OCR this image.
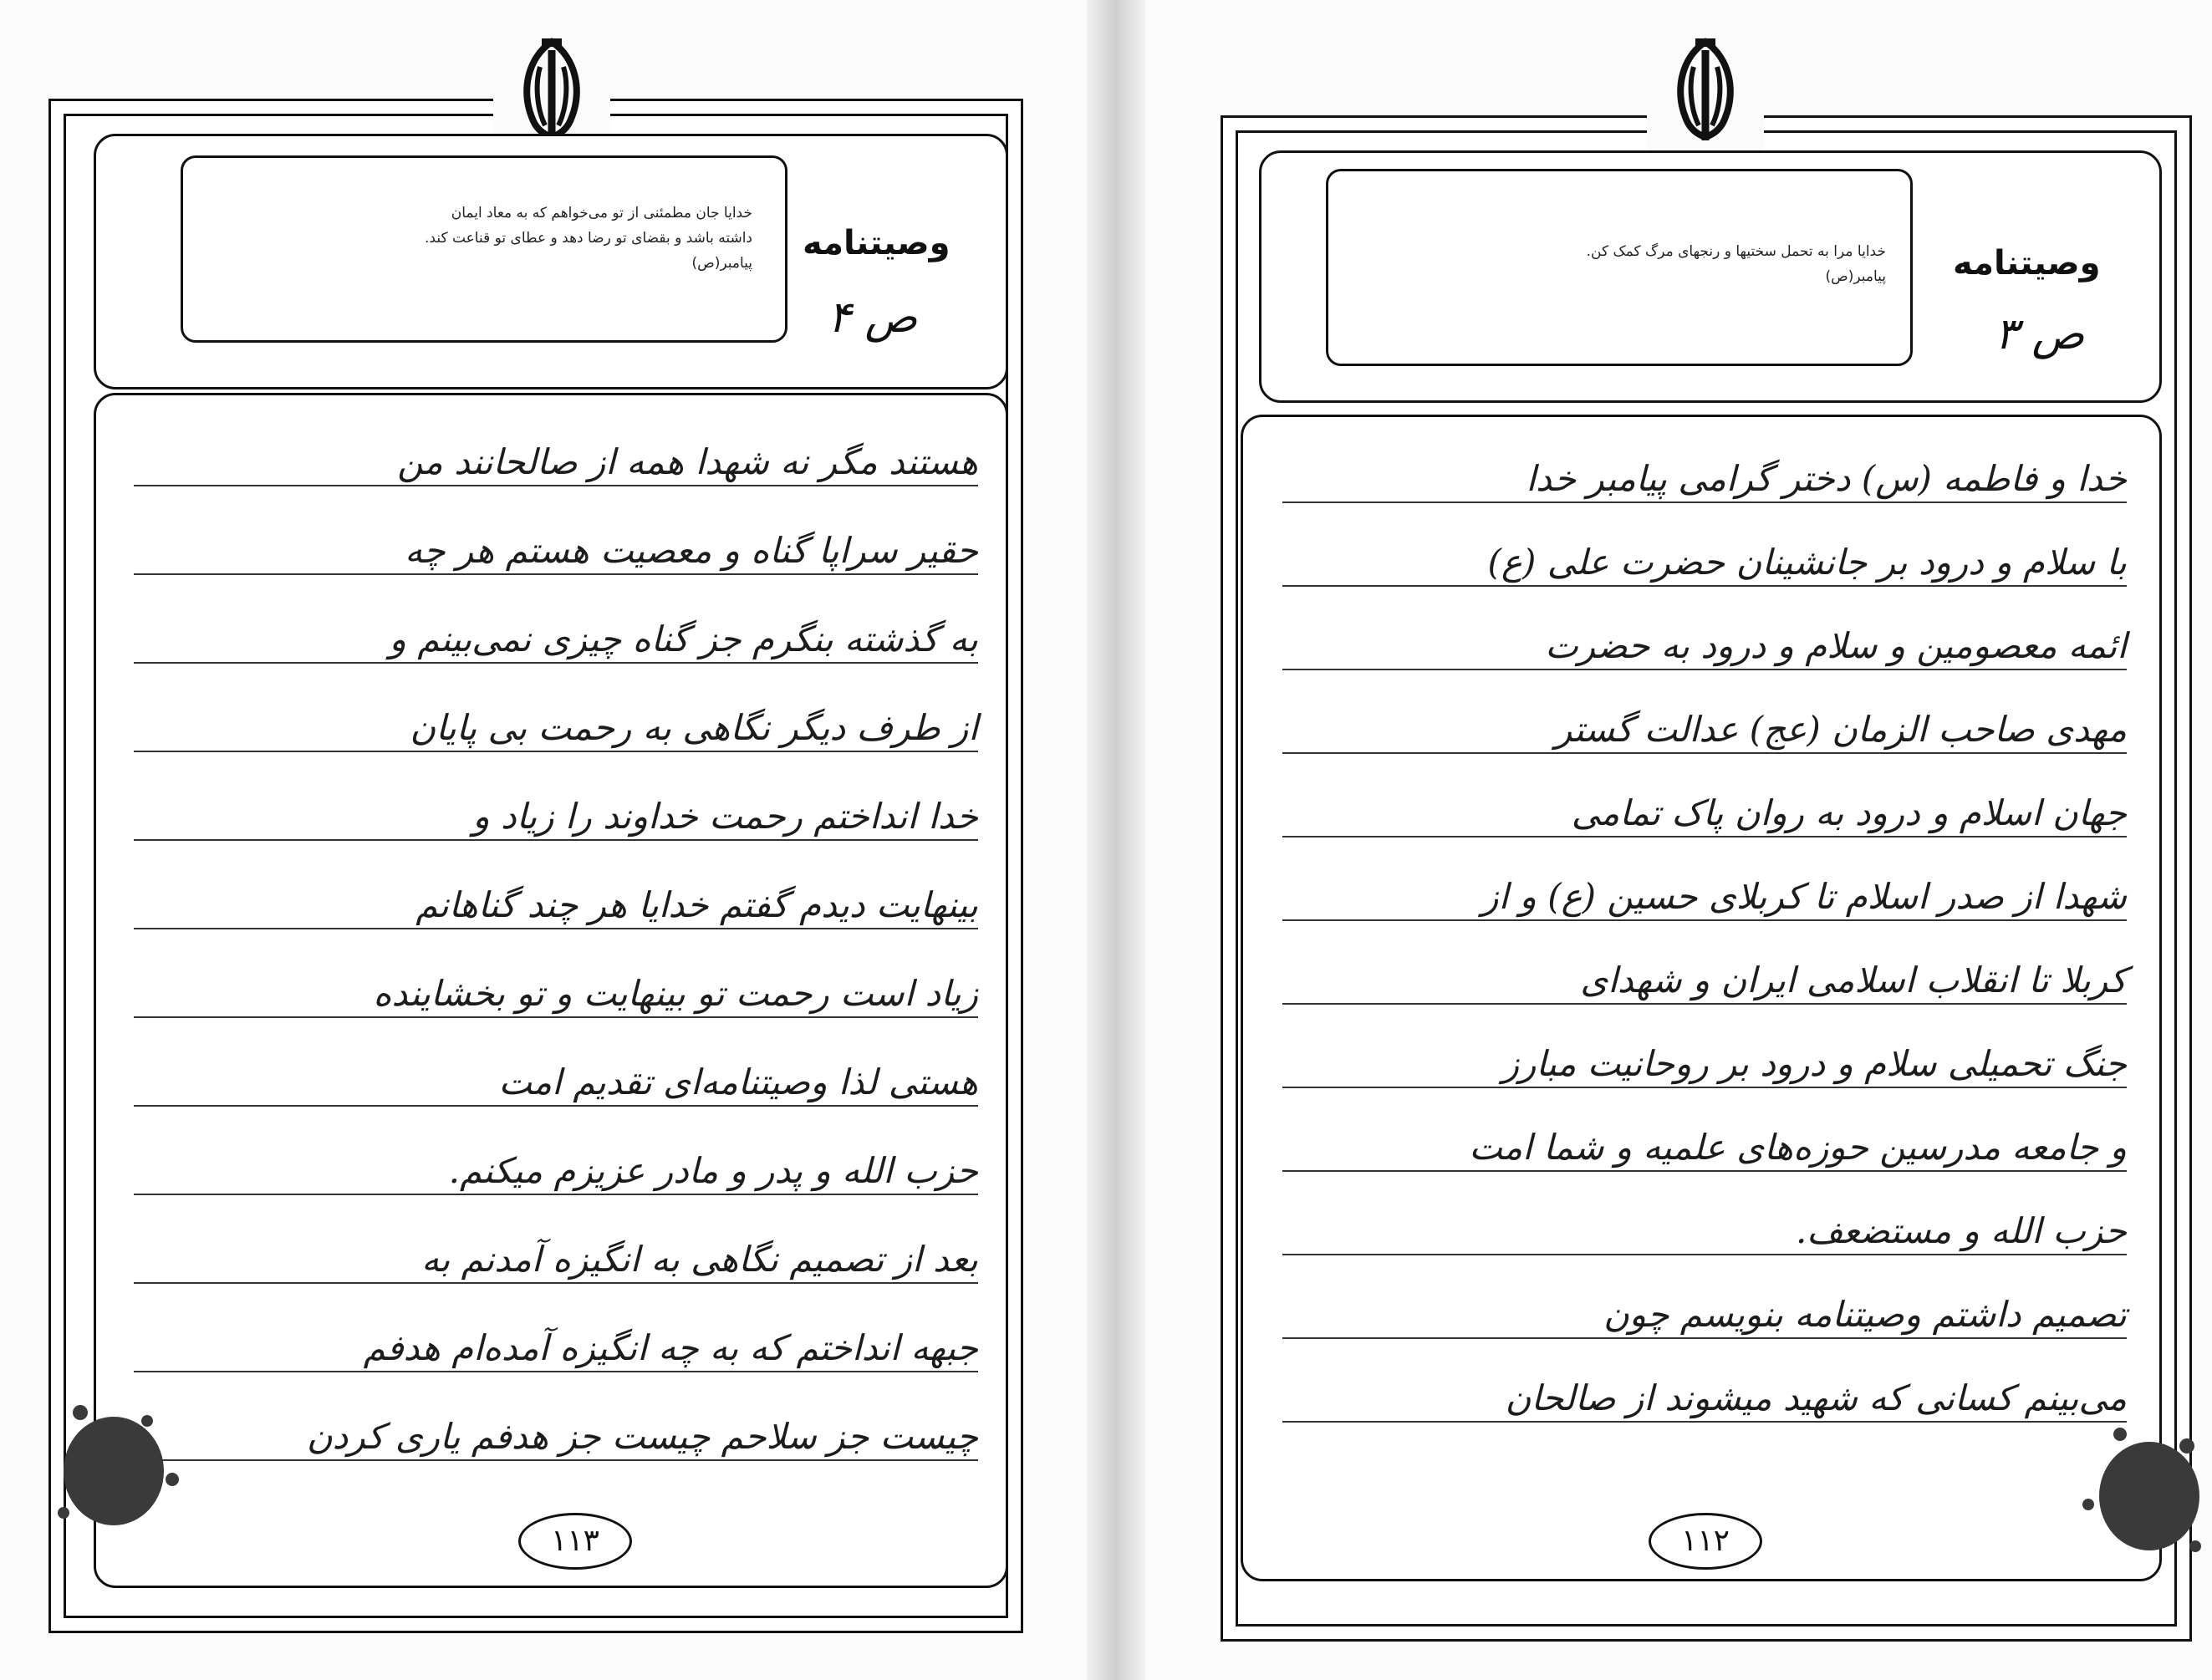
خدایا جان مطمئنی از تو می‌خواهم که به معاد ایمان
داشته باشد و بقضای تو رضا دهد و عطای تو قناعت کند.
پیامبر(ص)
وصیتنامه
ص ۴
هستند مگر نه شهدا همه از صالحانند من
حقیر سراپا گناه و معصیت هستم هر چه
به گذشته بنگرم جز گناه چیزی نمی‌بینم و
از طرف دیگر نگاهی به رحمت بی پایان
خدا انداختم رحمت خداوند را زیاد و
بینهایت دیدم گفتم خدایا هر چند گناهانم
زیاد است رحمت تو بینهایت و تو بخشاینده
هستی لذا وصیتنامه‌ای تقدیم امت
حزب الله و پدر و مادر عزیزم میکنم.
بعد از تصمیم نگاهی به انگیزه آمدنم به
جبهه انداختم که به چه انگیزه آمده‌ام هدفم
چیست جز سلاحم چیست جز هدفم یاری کردن
۱۱۳
خدایا مرا به تحمل سختیها و رنجهای مرگ کمک کن.
پیامبر(ص) وصیتنامه
ص ۳
خدا و فاطمه (س) دختر گرامی پیامبر خدا
با سلام و درود بر جانشینان حضرت علی (ع)
ائمه معصومین و سلام و درود به حضرت
مهدی صاحب الزمان (عج) عدالت گستر
جهان اسلام و درود به روان پاک تمامی
شهدا از صدر اسلام تا کربلای حسین (ع) و از
کربلا تا انقلاب اسلامی ایران و شهدای
جنگ تحمیلی سلام و درود بر روحانیت مبارز
و جامعه مدرسین حوزه‌های علمیه و شما امت
حزب الله و مستضعف.
تصمیم داشتم وصیتنامه بنویسم چون
می‌بینم کسانی که شهید میشوند از صالحان
۱۱۲
